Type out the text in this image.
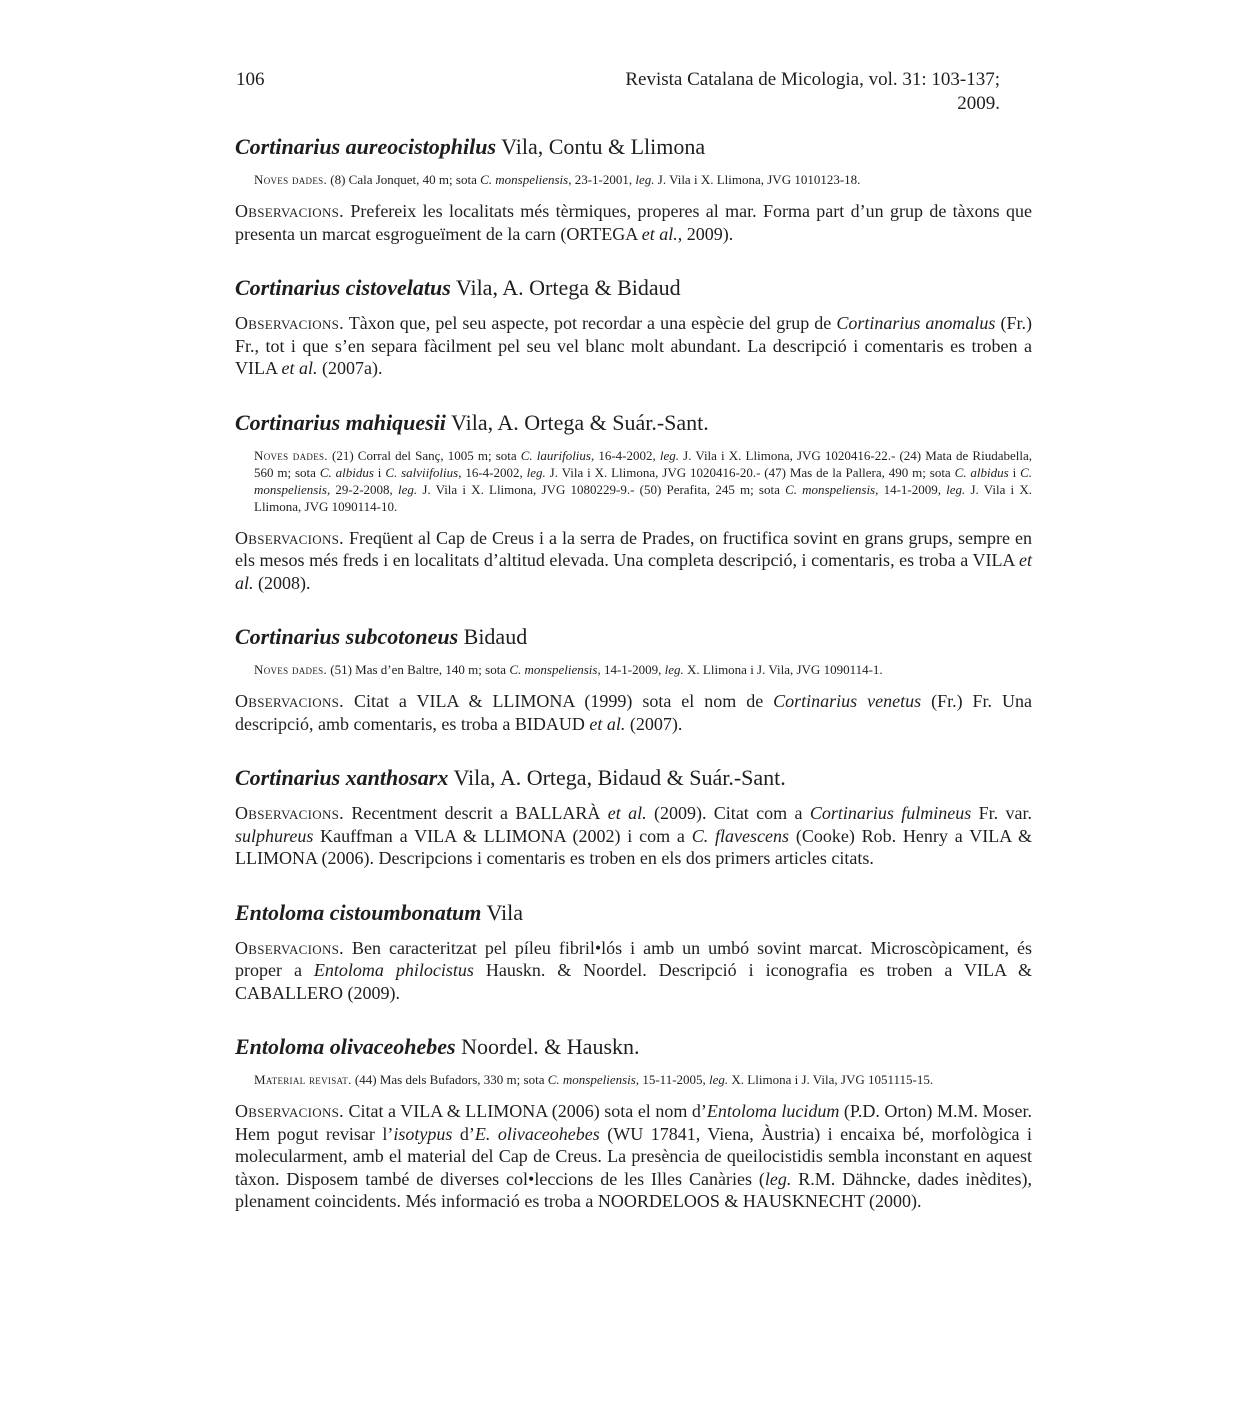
106	Revista Catalana de Micologia, vol. 31: 103-137; 2009.
Cortinarius aureocistophilus Vila, Contu & Llimona

Noves dades. (8) Cala Jonquet, 40 m; sota C. monspeliensis, 23-1-2001, leg. J. Vila i X. Llimona, JVG 1010123-18.

Observacions. Prefereix les localitats més tèrmiques, properes al mar. Forma part d’un grup de tàxons que presenta un marcat esgrogueïment de la carn (ORTEGA et al., 2009).

Cortinarius cistovelatus Vila, A. Ortega & Bidaud

Observacions. Tàxon que, pel seu aspecte, pot recordar a una espècie del grup de Cortinarius anomalus (Fr.) Fr., tot i que s’en separa fàcilment pel seu vel blanc molt abundant. La descripció i comentaris es troben a VILA et al. (2007a).

Cortinarius mahiquesii Vila, A. Ortega & Suár.-Sant.

Noves dades. (21) Corral del Sanç, 1005 m; sota C. laurifolius, 16-4-2002, leg. J. Vila i X. Llimona, JVG 1020416-22.- (24) Mata de Riudabella, 560 m; sota C. albidus i C. salviifolius, 16-4-2002, leg. J. Vila i X. Llimona, JVG 1020416-20.- (47) Mas de la Pallera, 490 m; sota C. albidus i C. monspeliensis, 29-2-2008, leg. J. Vila i X. Llimona, JVG 1080229-9.- (50) Perafita, 245 m; sota C. monspeliensis, 14-1-2009, leg. J. Vila i X. Llimona, JVG 1090114-10.

Observacions. Freqüent al Cap de Creus i a la serra de Prades, on fructifica sovint en grans grups, sempre en els mesos més freds i en localitats d’altitud elevada. Una completa descripció, i comentaris, es troba a VILA et al. (2008).

Cortinarius subcotoneus Bidaud

Noves dades. (51) Mas d’en Baltre, 140 m; sota C. monspeliensis, 14-1-2009, leg. X. Llimona i J. Vila, JVG 1090114-1.

Observacions. Citat a VILA & LLIMONA (1999) sota el nom de Cortinarius venetus (Fr.) Fr. Una descripció, amb comentaris, es troba a BIDAUD et al. (2007).

Cortinarius xanthosarx Vila, A. Ortega, Bidaud & Suár.-Sant.

Observacions. Recentment descrit a BALLARÀ et al. (2009). Citat com a Cortinarius fulmineus Fr. var. sulphureus Kauffman a VILA & LLIMONA (2002) i com a C. flavescens (Cooke) Rob. Henry a VILA & LLIMONA (2006). Descripcions i comentaris es troben en els dos primers articles citats.

Entoloma cistoumbonatum Vila

Observacions. Ben caracteritzat pel píleu fibril•lós i amb un umbó sovint marcat. Microscòpicament, és proper a Entoloma philocistus Hauskn. & Noordel. Descripció i iconografia es troben a VILA & CABALLERO (2009).

Entoloma olivaceohebes Noordel. & Hauskn.

Material revisat. (44) Mas dels Bufadors, 330 m; sota C. monspeliensis, 15-11-2005, leg. X. Llimona i J. Vila, JVG 1051115-15.

Observacions. Citat a VILA & LLIMONA (2006) sota el nom d’Entoloma lucidum (P.D. Orton) M.M. Moser. Hem pogut revisar l’isotypus d’E. olivaceohebes (WU 17841, Viena, Àustria) i encaixa bé, morfològica i molecularment, amb el material del Cap de Creus. La presència de queilocistidis sembla inconstant en aquest tàxon. Disposem també de diverses col•leccions de les Illes Canàries (leg. R.M. Dähncke, dades inèdites), plenament coincidents. Més informació es troba a NOORDELOOS & HAUSKNECHT (2000).
